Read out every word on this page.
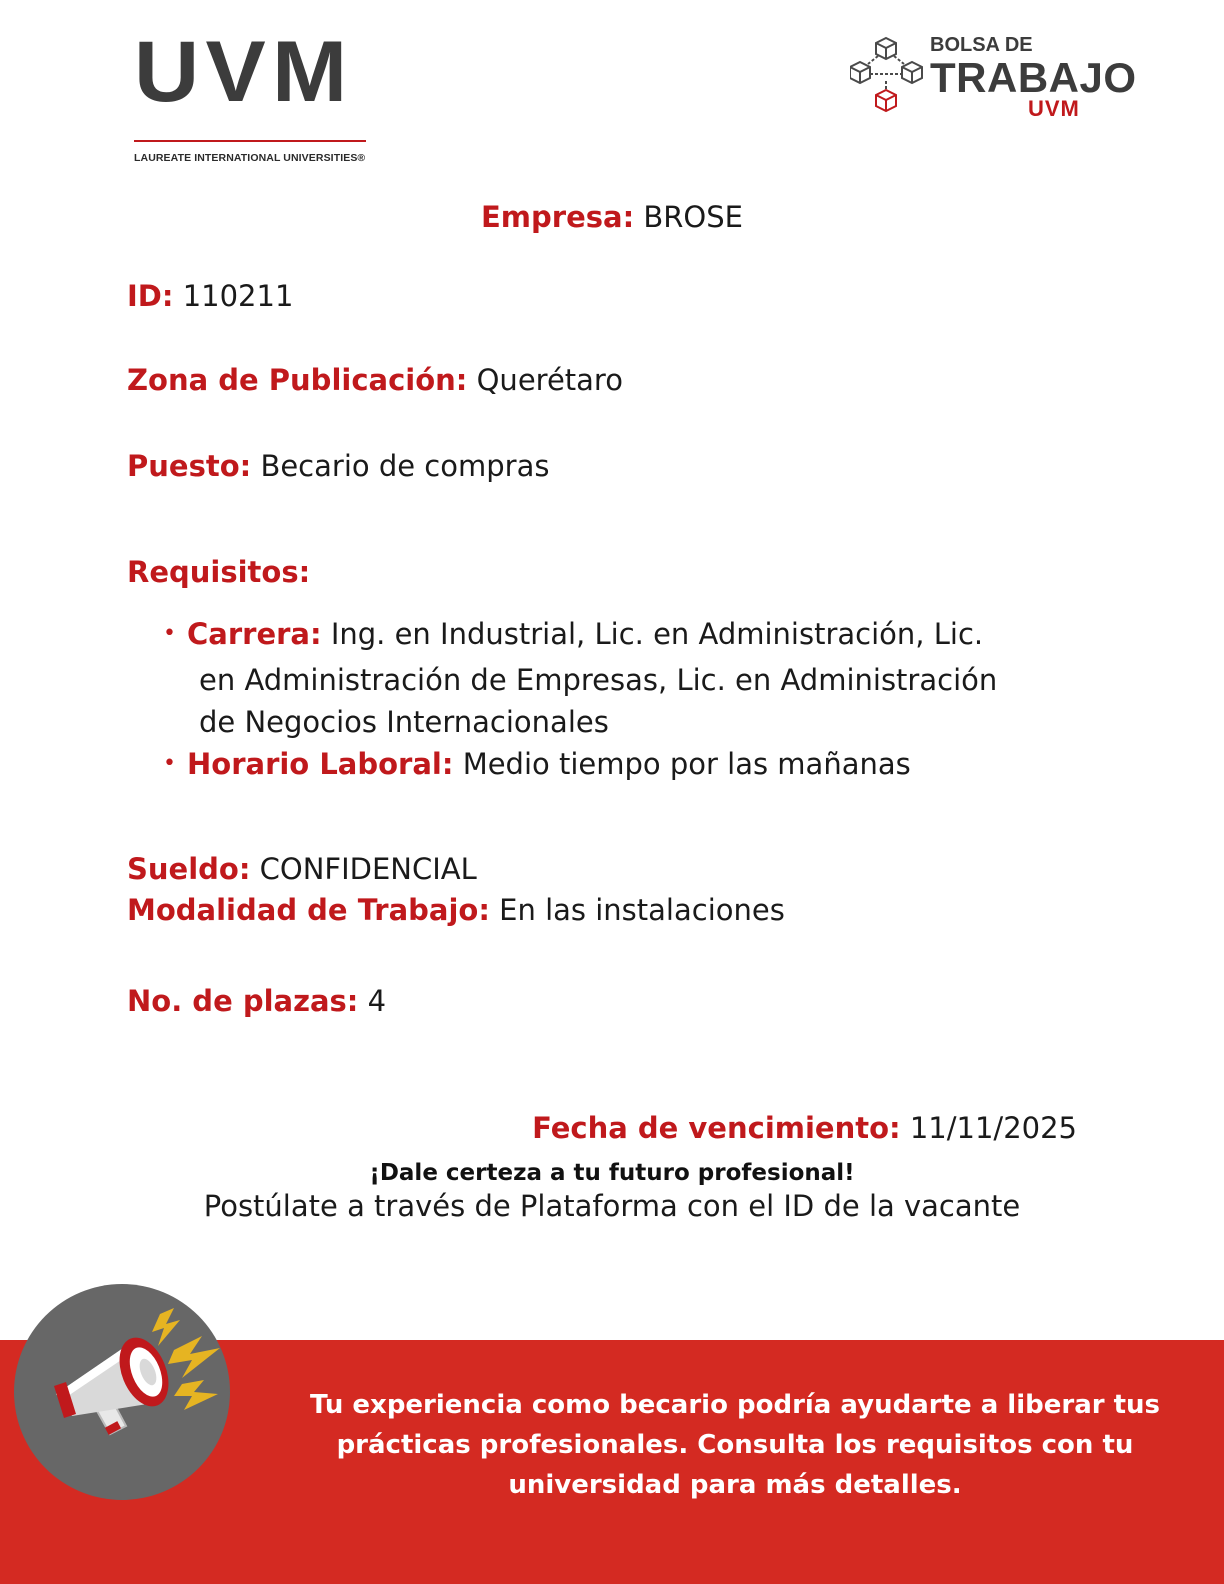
UVM
LAUREATE INTERNATIONAL UNIVERSITIES®
BOLSA DE
TRABAJO
UVM
Empresa: BROSE
ID: 110211
Zona de Publicación: Querétaro
Puesto: Becario de compras
Requisitos:
• Carrera: Ing. en Industrial, Lic. en Administración, Lic.
en Administración de Empresas, Lic. en Administración
de Negocios Internacionales
• Horario Laboral: Medio tiempo por las mañanas
Sueldo: CONFIDENCIAL
Modalidad de Trabajo: En las instalaciones
No. de plazas: 4
Fecha de vencimiento: 11/11/2025
¡Dale certeza a tu futuro profesional!
Postúlate a través de Plataforma con el ID de la vacante
Tu experiencia como becario podría ayudarte a liberar tus
prácticas profesionales. Consulta los requisitos con tu
universidad para más detalles.
